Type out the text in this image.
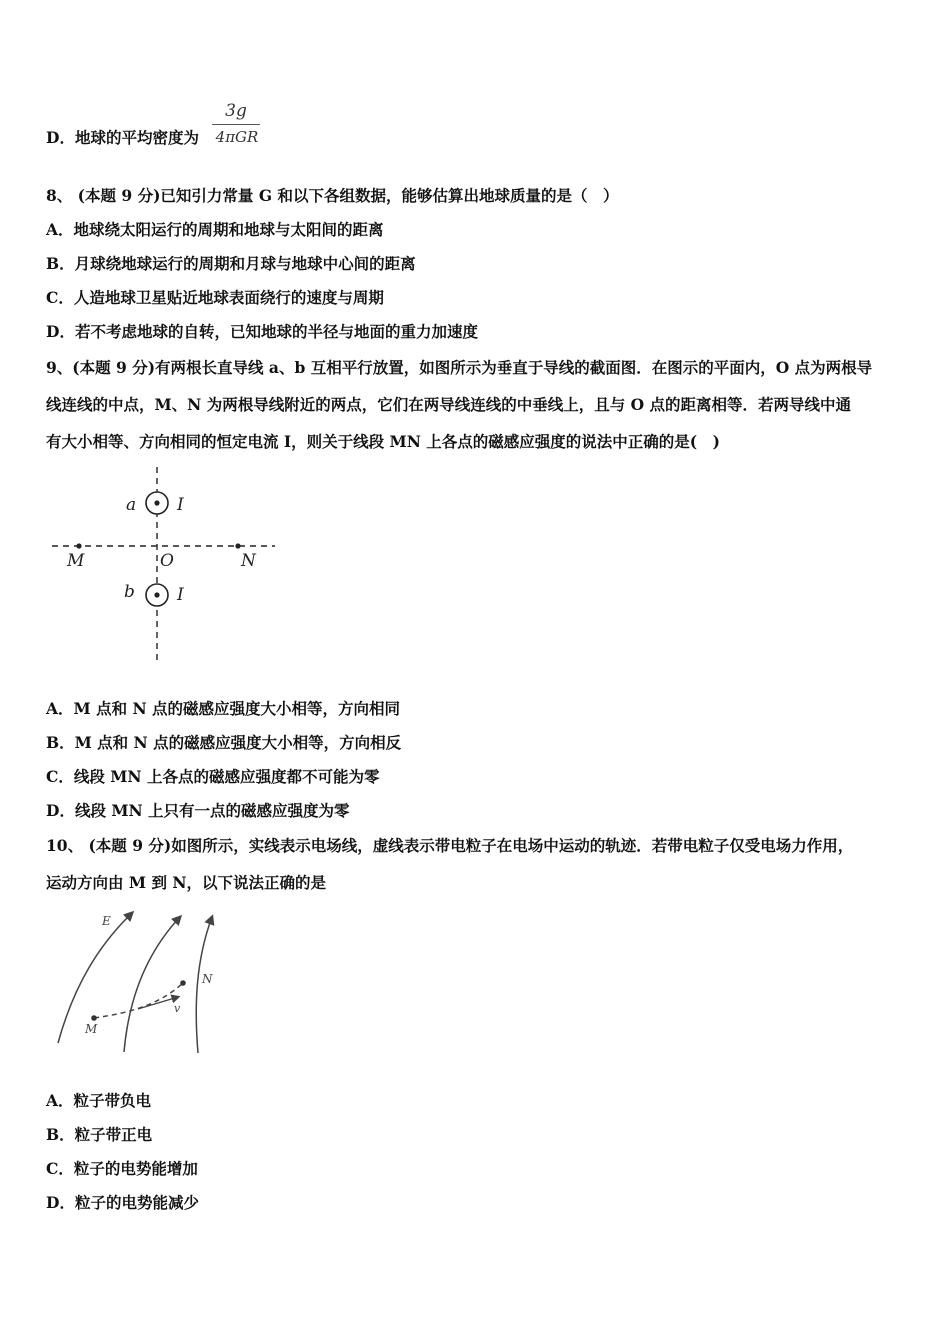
D．地球的平均密度为
3g
4πGR
8、 (本题 9 分)已知引力常量 G 和以下各组数据，能够估算出地球质量的是（　）
A．地球绕太阳运行的周期和地球与太阳间的距离
B．月球绕地球运行的周期和月球与地球中心间的距离
C．人造地球卫星贴近地球表面绕行的速度与周期
D．若不考虑地球的自转，已知地球的半径与地面的重力加速度
9、(本题 9 分)有两根长直导线 a、b 互相平行放置，如图所示为垂直于导线的截面图．在图示的平面内，O 点为两根导
线连线的中点，M、N 为两根导线附近的两点，它们在两导线连线的中垂线上，且与 O 点的距离相等．若两导线中通
有大小相等、方向相同的恒定电流 I，则关于线段 MN 上各点的磁感应强度的说法中正确的是(　)
a I
b I
M	O	N
A．M 点和 N 点的磁感应强度大小相等，方向相同
B．M 点和 N 点的磁感应强度大小相等，方向相反
C．线段 MN 上各点的磁感应强度都不可能为零
D．线段 MN 上只有一点的磁感应强度为零
10、 (本题 9 分)如图所示，实线表示电场线，虚线表示带电粒子在电场中运动的轨迹．若带电粒子仅受电场力作用，
运动方向由 M 到 N，以下说法正确的是
E
M
N
v
A．粒子带负电
B．粒子带正电
C．粒子的电势能增加
D．粒子的电势能减少
